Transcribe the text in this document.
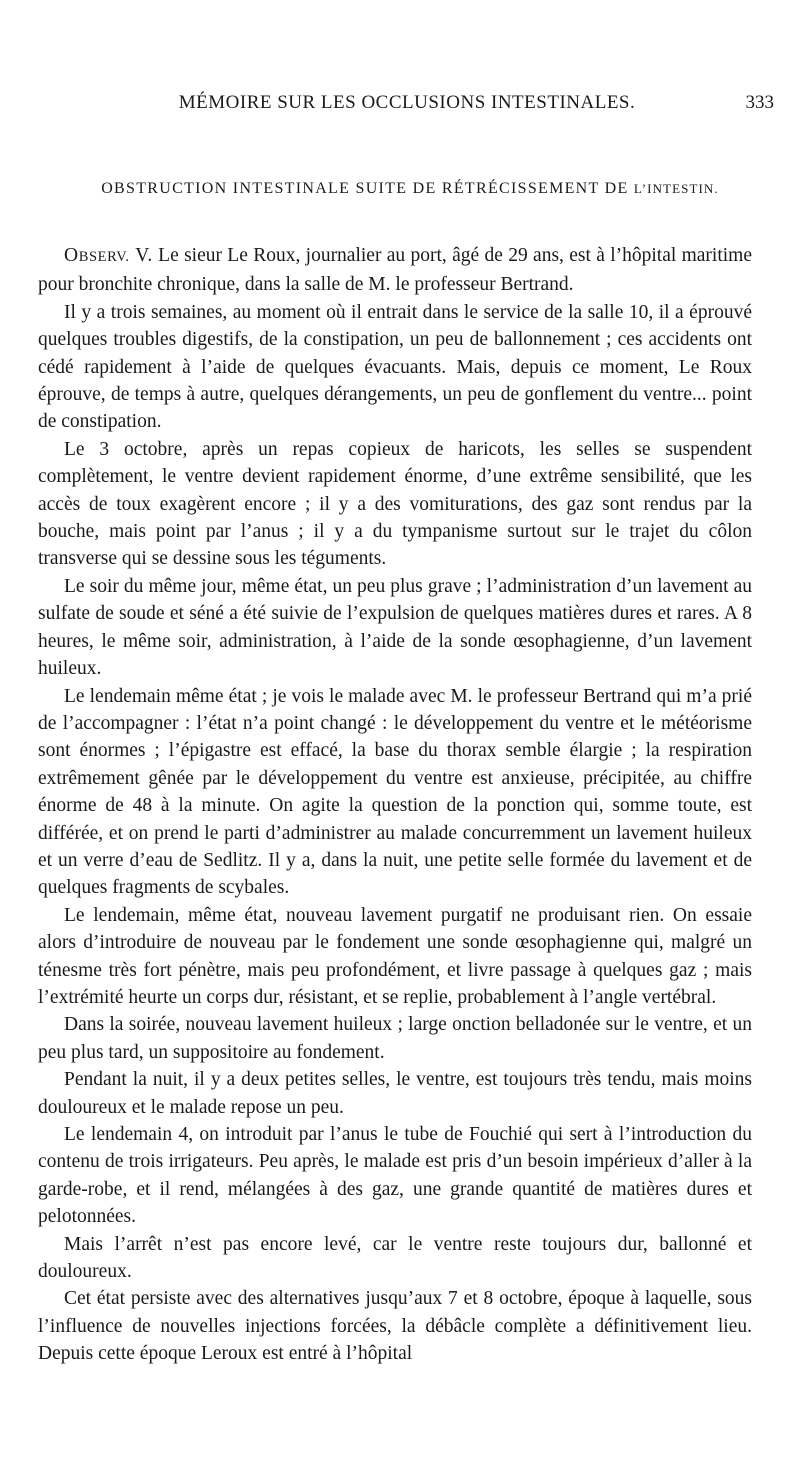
MÉMOIRE SUR LES OCCLUSIONS INTESTINALES.	333
OBSTRUCTION INTESTINALE SUITE DE RÉTRÉCISSEMENT DE L’INTESTIN.

OBSERV. V. Le sieur Le Roux, journalier au port, âgé de 29 ans, est à l’hôpital maritime pour bronchite chronique, dans la salle de M. le professeur Bertrand.

Il y a trois semaines, au moment où il entrait dans le service de la salle 10, il a éprouvé quelques troubles digestifs, de la constipation, un peu de ballonnement ; ces accidents ont cédé rapidement à l’aide de quelques évacuants. Mais, depuis ce moment, Le Roux éprouve, de temps à autre, quelques dérangements, un peu de gonflement du ventre... point de constipation.

Le 3 octobre, après un repas copieux de haricots, les selles se suspendent complètement, le ventre devient rapidement énorme, d’une extrême sensibilité, que les accès de toux exagèrent encore ; il y a des vomiturations, des gaz sont rendus par la bouche, mais point par l’anus ; il y a du tympanisme surtout sur le trajet du côlon transverse qui se dessine sous les téguments.

Le soir du même jour, même état, un peu plus grave ; l’administration d’un lavement au sulfate de soude et séné a été suivie de l’expulsion de quelques matières dures et rares. A 8 heures, le même soir, administration, à l’aide de la sonde œsophagienne, d’un lavement huileux.

Le lendemain même état ; je vois le malade avec M. le professeur Bertrand qui m’a prié de l’accompagner : l’état n’a point changé : le développement du ventre et le météorisme sont énormes ; l’épigastre est effacé, la base du thorax semble élargie ; la respiration extrêmement gênée par le développement du ventre est anxieuse, précipitée, au chiffre énorme de 48 à la minute. On agite la question de la ponction qui, somme toute, est différée, et on prend le parti d’administrer au malade concurremment un lavement huileux et un verre d’eau de Sedlitz. Il y a, dans la nuit, une petite selle formée du lavement et de quelques fragments de scybales.

Le lendemain, même état, nouveau lavement purgatif ne produisant rien. On essaie alors d’introduire de nouveau par le fondement une sonde œsophagienne qui, malgré un ténesme très fort pénètre, mais peu profondément, et livre passage à quelques gaz ; mais l’extrémité heurte un corps dur, résistant, et se replie, probablement à l’angle vertébral.

Dans la soirée, nouveau lavement huileux ; large onction belladonée sur le ventre, et un peu plus tard, un suppositoire au fondement.

Pendant la nuit, il y a deux petites selles, le ventre, est toujours très tendu, mais moins douloureux et le malade repose un peu.

Le lendemain 4, on introduit par l’anus le tube de Fouchié qui sert à l’introduction du contenu de trois irrigateurs. Peu après, le malade est pris d’un besoin impérieux d’aller à la garde-robe, et il rend, mélangées à des gaz, une grande quantité de matières dures et pelotonnées.

Mais l’arrêt n’est pas encore levé, car le ventre reste toujours dur, ballonné et douloureux.

Cet état persiste avec des alternatives jusqu’aux 7 et 8 octobre, époque à laquelle, sous l’influence de nouvelles injections forcées, la débâcle complète a définitivement lieu. Depuis cette époque Leroux est entré à l’hôpital
